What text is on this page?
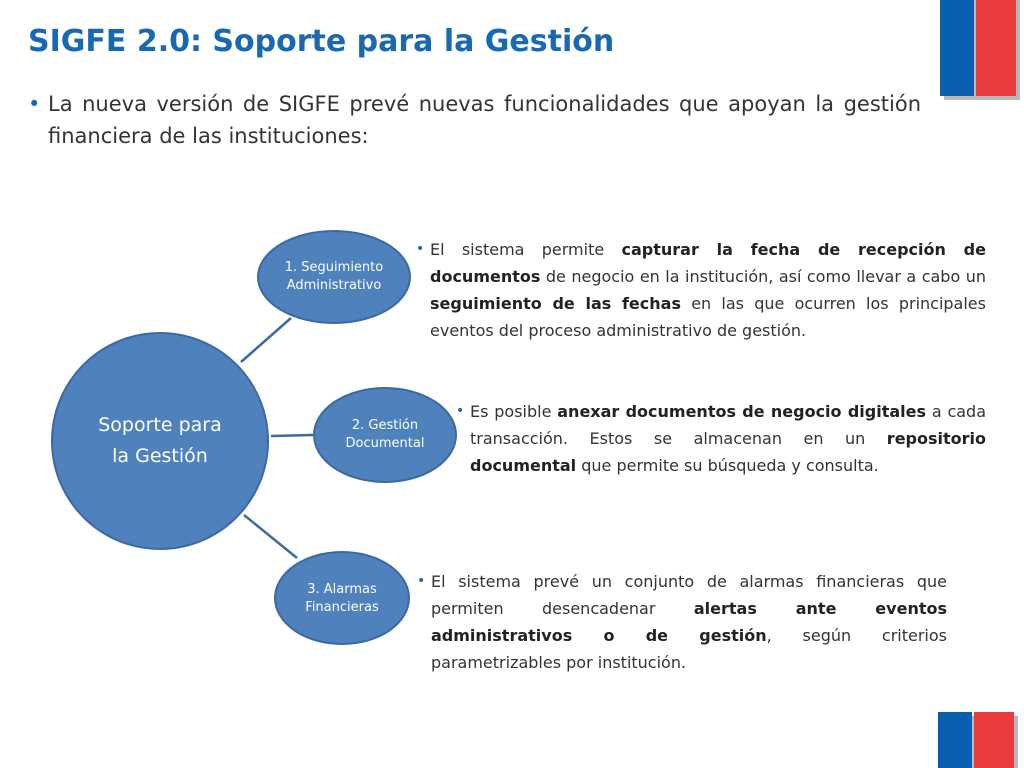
SIGFE 2.0: Soporte para la Gestión
• La nueva versión de SIGFE prevé nuevas funcionalidades que apoyan la gestión financiera de las instituciones:
Soporte para la Gestión
1. Seguimiento Administrativo
2. Gestión Documental
3. Alarmas Financieras
• El sistema permite capturar la fecha de recepción de documentos de negocio en la institución, así como llevar a cabo un seguimiento de las fechas en las que ocurren los principales eventos del proceso administrativo de gestión.
• Es posible anexar documentos de negocio digitales a cada transacción. Estos se almacenan en un repositorio documental que permite su búsqueda y consulta.
• El sistema prevé un conjunto de alarmas financieras que permiten desencadenar alertas ante eventos administrativos o de gestión, según criterios parametrizables por institución.
